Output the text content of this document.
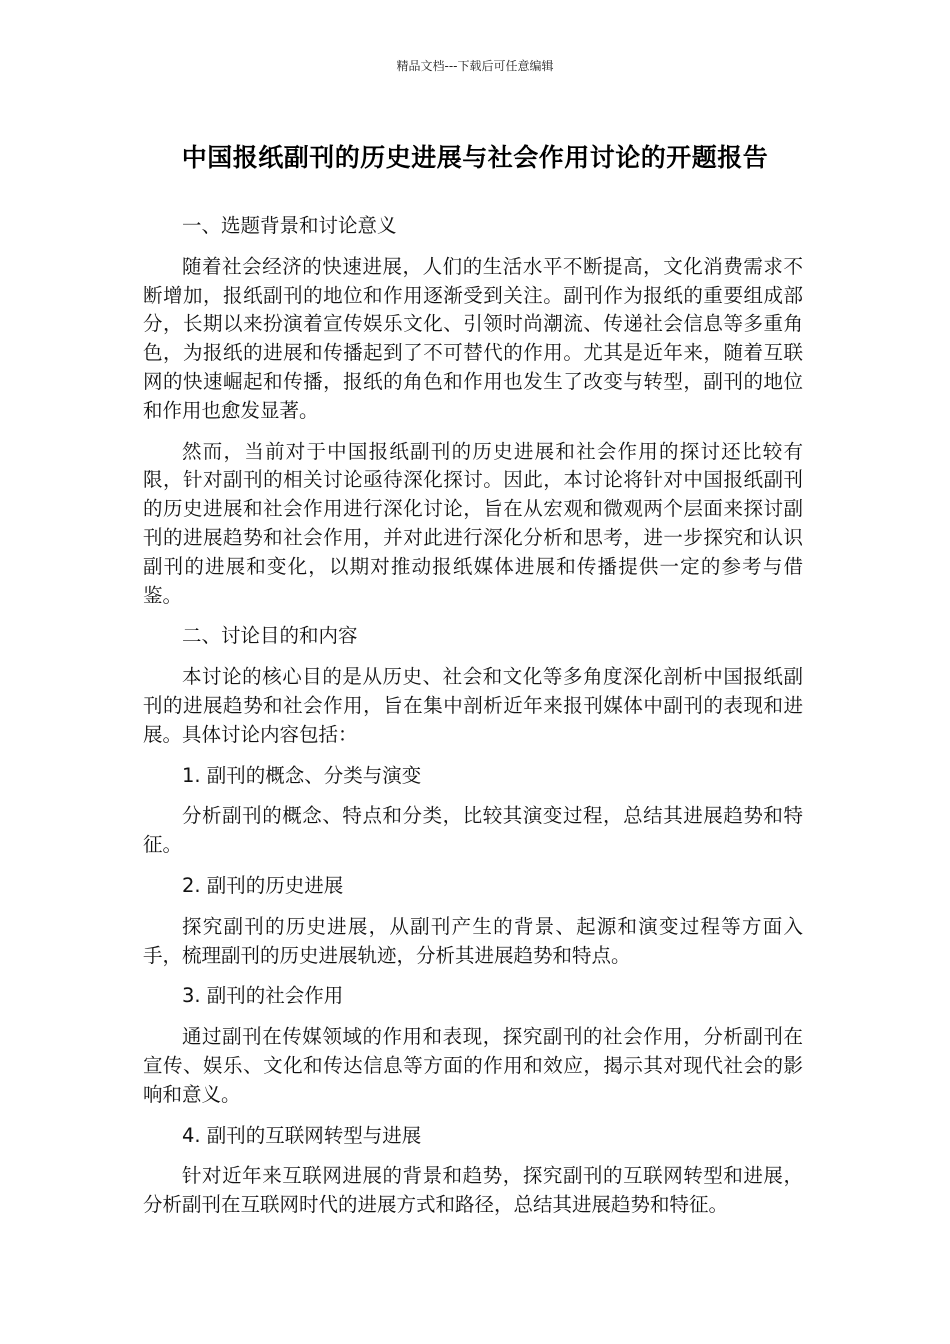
精品文档---下载后可任意编辑
中国报纸副刊的历史进展与社会作用讨论的开题报告

一、选题背景和讨论意义

随着社会经济的快速进展，人们的生活水平不断提高，文化消费需求不断增加，报纸副刊的地位和作用逐渐受到关注。副刊作为报纸的重要组成部分，长期以来扮演着宣传娱乐文化、引领时尚潮流、传递社会信息等多重角色，为报纸的进展和传播起到了不可替代的作用。尤其是近年来，随着互联网的快速崛起和传播，报纸的角色和作用也发生了改变与转型，副刊的地位和作用也愈发显著。

然而，当前对于中国报纸副刊的历史进展和社会作用的探讨还比较有限，针对副刊的相关讨论亟待深化探讨。因此，本讨论将针对中国报纸副刊的历史进展和社会作用进行深化讨论，旨在从宏观和微观两个层面来探讨副刊的进展趋势和社会作用，并对此进行深化分析和思考，进一步探究和认识副刊的进展和变化，以期对推动报纸媒体进展和传播提供一定的参考与借鉴。

二、讨论目的和内容

本讨论的核心目的是从历史、社会和文化等多角度深化剖析中国报纸副刊的进展趋势和社会作用，旨在集中剖析近年来报刊媒体中副刊的表现和进展。具体讨论内容包括：

1. 副刊的概念、分类与演变

分析副刊的概念、特点和分类，比较其演变过程，总结其进展趋势和特征。

2. 副刊的历史进展

探究副刊的历史进展，从副刊产生的背景、起源和演变过程等方面入手，梳理副刊的历史进展轨迹，分析其进展趋势和特点。

3. 副刊的社会作用

通过副刊在传媒领域的作用和表现，探究副刊的社会作用，分析副刊在宣传、娱乐、文化和传达信息等方面的作用和效应，揭示其对现代社会的影响和意义。

4. 副刊的互联网转型与进展

针对近年来互联网进展的背景和趋势，探究副刊的互联网转型和进展，分析副刊在互联网时代的进展方式和路径，总结其进展趋势和特征。
